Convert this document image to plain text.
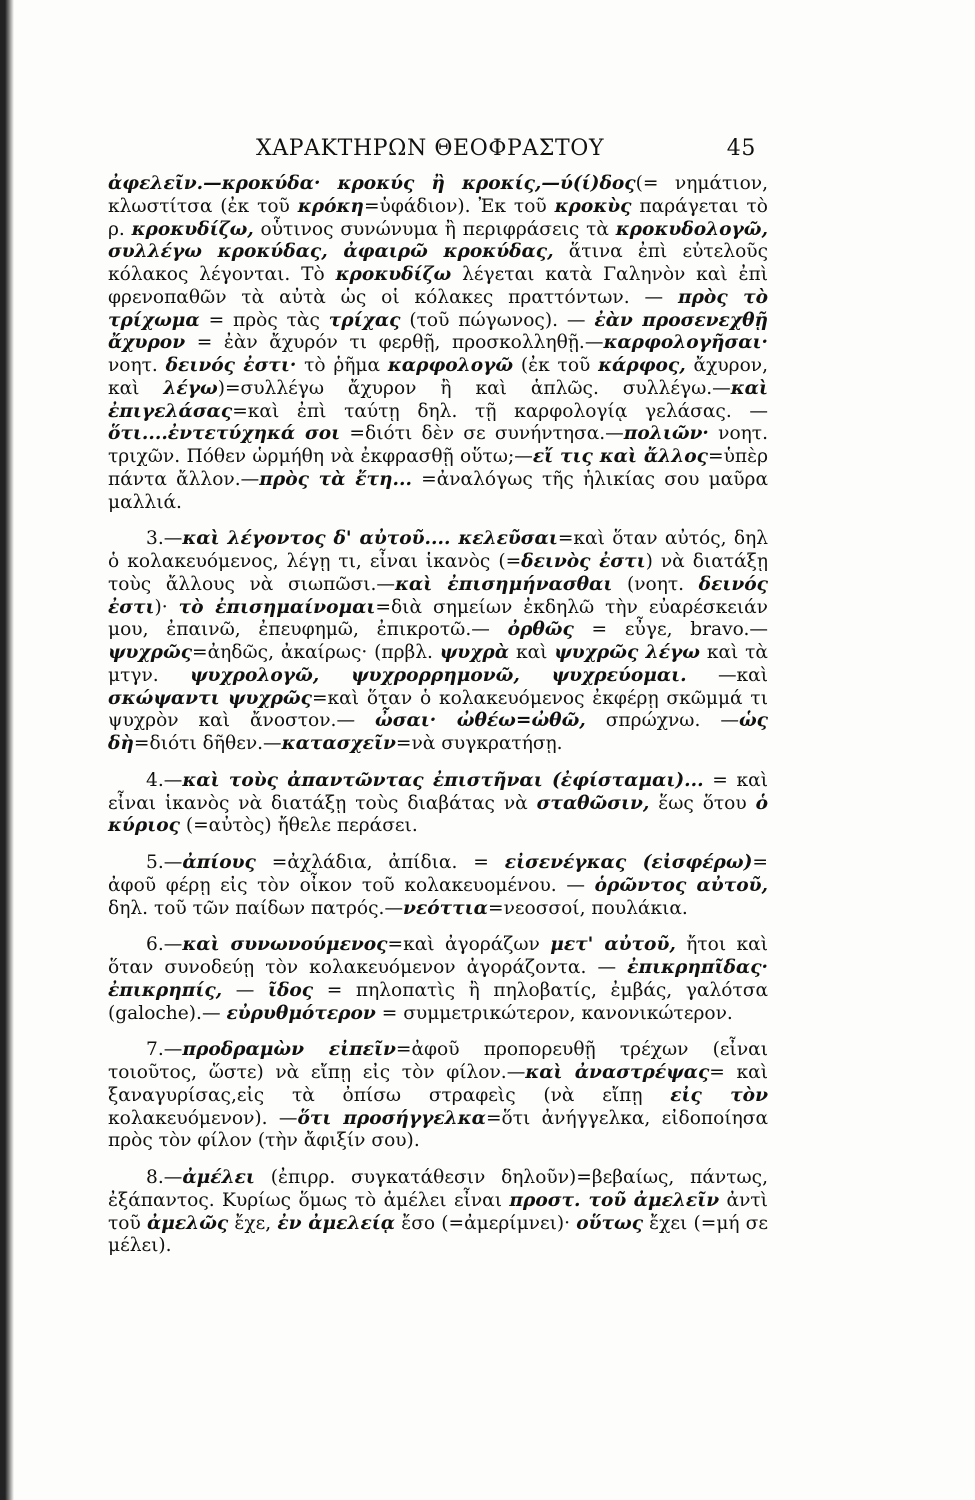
ΧΑΡΑΚΤΗΡΩΝ ΘΕΟΦΡΑΣΤΟΥ	45

ἀφελεῖν.—κροκύδα· κροκύς ἢ κροκίς,—ύ(ί)δος(= νημάτιον, κλωστίτσα (ἐκ τοῦ κρόκη=ὑφάδιον). Ἐκ τοῦ κροκὺς παράγεται τὸ ρ. κροκυδίζω, οὗτινος συνώνυμα ἢ περιφράσεις τὰ κροκυδολογῶ, συλλέγω κροκύδας, ἀφαιρῶ κροκύδας, ἅτινα ἐπὶ εὐτελοῦς κόλακος λέγονται. Τὸ κροκυδίζω λέγεται κατὰ Γαληνὸν καὶ ἐπὶ φρενοπαθῶν τὰ αὐτὰ ὡς οἱ κόλακες πραττόντων. — πρὸς τὸ τρίχωμα = πρὸς τὰς τρίχας (τοῦ πώγωνος). — ἐὰν προσενεχθῇ ἄχυρον = ἐὰν ἄχυρόν τι φερθῇ, προσκολληθῇ.—καρφολογῆσαι· νοητ. δεινός ἐστι· τὸ ῥῆμα καρφολογῶ (ἐκ τοῦ κάρφος, ἄχυρον, καὶ λέγω)=συλλέγω ἄχυρον ἢ καὶ ἁπλῶς. συλλέγω.—καὶ ἐπιγελάσας=καὶ ἐπὶ ταύτῃ δηλ. τῇ καρφολογίᾳ γελάσας. — ὅτι....ἐντετύχηκά σοι =διότι δὲν σε συνήντησα.—πολιῶν· νοητ. τριχῶν. Πόθεν ὡρμήθη νὰ ἐκφρασθῇ οὕτω;—εἴ τις καὶ ἄλλος=ὑπὲρ πάντα ἄλλον.—πρὸς τὰ ἔτη... =ἀναλόγως τῆς ἡλικίας σου μαῦρα μαλλιά.

3.—καὶ λέγοντος δ' αὐτοῦ.... κελεῦσαι=καὶ ὅταν αὐτός, δηλ ὁ κολακευόμενος, λέγῃ τι, εἶναι ἱκανὸς (=δεινὸς ἐστι) νὰ διατάξῃ τοὺς ἄλλους νὰ σιωπῶσι.—καὶ ἐπισημήνασθαι (νοητ. δεινός ἐστι)· τὸ ἐπισημαίνομαι=διὰ σημείων ἐκδηλῶ τὴν εὐαρέσκειάν μου, ἐπαινῶ, ἐπευφημῶ, ἐπικροτῶ.— ὀρθῶς = εὖγε, bravo.—ψυχρῶς=ἀηδῶς, ἀκαίρως· (πρβλ. ψυχρὰ καὶ ψυχρῶς λέγω καὶ τὰ μτγν. ψυχρολογῶ, ψυχρορρημονῶ, ψυχρεύομαι. —καὶ σκώψαντι ψυχρῶς=καὶ ὅταν ὁ κολακευόμενος ἐκφέρῃ σκῶμμά τι ψυχρὸν καὶ ἄνοστον.— ὦσαι· ὠθέω=ὠθῶ, σπρώχνω. —ὡς δὴ=διότι δῆθεν.—κατασχεῖν=νὰ συγκρατήσῃ.

4.—καὶ τοὺς ἀπαντῶντας ἐπιστῆναι (ἐφίσταμαι)... = καὶ εἶναι ἱκανὸς νὰ διατάξῃ τοὺς διαβάτας νὰ σταθῶσιν, ἕως ὅτου ὁ κύριος (=αὐτὸς) ἤθελε περάσει.

5.—ἀπίους =ἀχλάδια, ἀπίδια. = εἰσενέγκας (εἰσφέρω)= ἀφοῦ φέρῃ εἰς τὸν οἶκον τοῦ κολακευομένου. — ὁρῶντος αὐτοῦ, δηλ. τοῦ τῶν παίδων πατρός.—νεόττια=νεοσσοί, πουλάκια.

6.—καὶ συνωνούμενος=καὶ ἀγοράζων μετ' αὐτοῦ, ἤτοι καὶ ὅταν συνοδεύῃ τὸν κολακευόμενον ἀγοράζοντα. — ἐπικρηπῖδας· ἐπικρηπίς, — ῖδος = πηλοπατὶς ἢ πηλοβατίς, ἐμβάς, γαλότσα (galoche).— εὐρυθμότερον = συμμετρικώτερον, κανονικώτερον.

7.—προδραμὼν εἰπεῖν=ἀφοῦ προπορευθῇ τρέχων (εἶναι τοιοῦτος, ὥστε) νὰ εἴπῃ εἰς τὸν φίλον.—καὶ ἀναστρέψας= καὶ ξαναγυρίσας,εἰς τὰ ὀπίσω στραφεὶς (νὰ εἴπῃ εἰς τὸν κολακευόμενον). —ὅτι προσήγγελκα=ὅτι ἀνήγγελκα, εἰδοποίησα πρὸς τὸν φίλον (τὴν ἄφιξίν σου).

8.—ἀμέλει (ἐπιρρ. συγκατάθεσιν δηλοῦν)=βεβαίως, πάντως, ἐξάπαντος. Κυρίως ὅμως τὸ ἀμέλει εἶναι προστ. τοῦ ἀμελεῖν ἀντὶ τοῦ ἀμελῶς ἔχε, ἐν ἀμελείᾳ ἔσο (=ἀμερίμνει)· οὕτως ἔχει (=μή σε μέλει).
